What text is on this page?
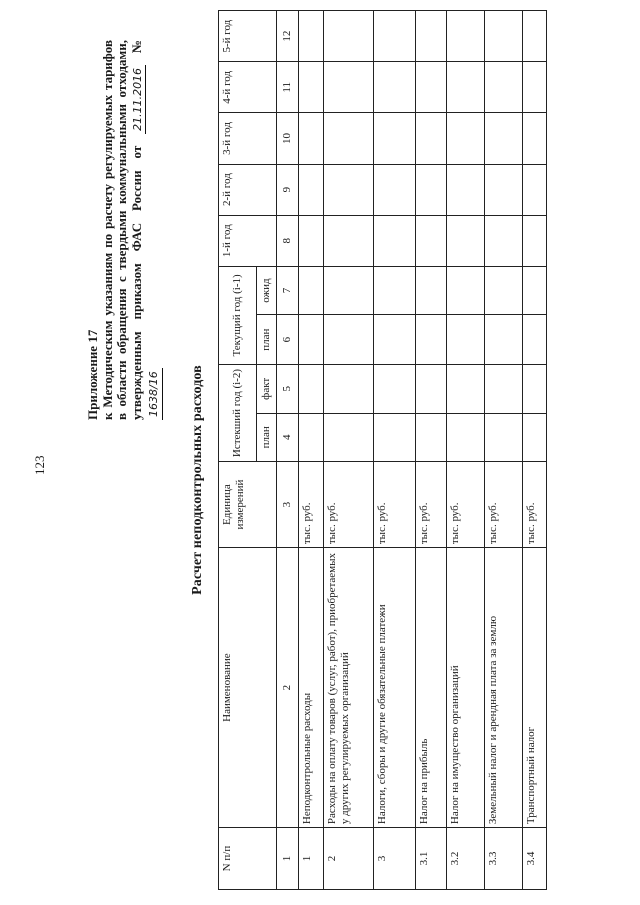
123
Приложение 17 к Методическим указаниям по расчету регулируемых тарифов в области обращения с твердыми коммунальными отходами, утвержденным приказом ФАС России от 21.11.2016 № 1638/16 Расчет неподконтрольных расходов
N п/п	Наименование	Единица измерений	Истекший год (i-2)		Текущий год (i-1)		1-й год	2-й год	3-й год	4-й год	5-й год
			план	факт	план	ожид					
1	2	3	4	5	6	7	8	9	10	11	12
1	Неподконтрольные расходы	тыс. руб.									
2	Расходы на оплату товаров (услуг, работ), приобретаемых у других регулируемых организаций	тыс. руб.									
3	Налоги, сборы и другие обязательные платежи	тыс. руб.									
3.1	Налог на прибыль	тыс. руб.									
3.2	Налог на имущество организаций	тыс. руб.									
3.3	Земельный налог и арендная плата за землю	тыс. руб.									
3.4	Транспортный налог	тыс. руб.									
